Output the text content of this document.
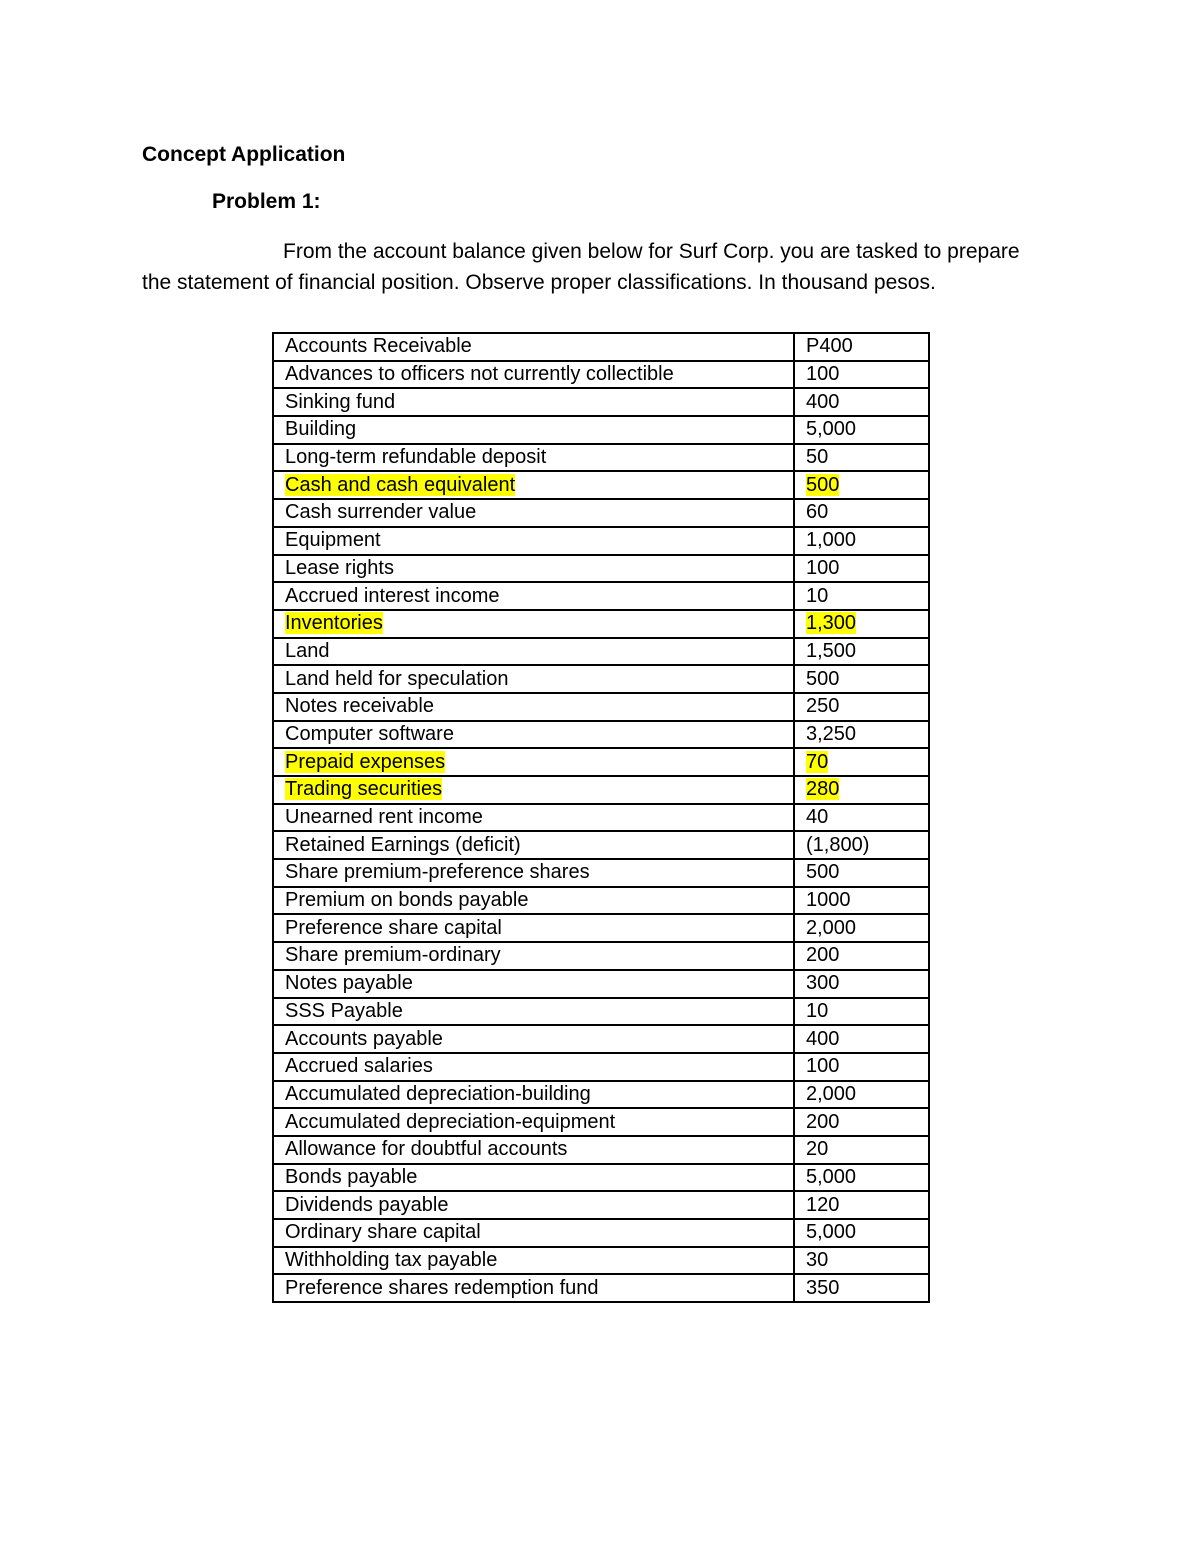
Concept Application
Problem 1:
From the account balance given below for Surf Corp. you are tasked to prepare the statement of financial position. Observe proper classifications. In thousand pesos.
Accounts Receivable	P400
Advances to officers not currently collectible	100
Sinking fund	400
Building	5,000
Long-term refundable deposit	50
Cash and cash equivalent	500
Cash surrender value	60
Equipment	1,000
Lease rights	100
Accrued interest income	10
Inventories	1,300
Land	1,500
Land held for speculation	500
Notes receivable	250
Computer software	3,250
Prepaid expenses	70
Trading securities	280
Unearned rent income	40
Retained Earnings (deficit)	(1,800)
Share premium-preference shares	500
Premium on bonds payable	1000
Preference share capital	2,000
Share premium-ordinary	200
Notes payable	300
SSS Payable	10
Accounts payable	400
Accrued salaries	100
Accumulated depreciation-building	2,000
Accumulated depreciation-equipment	200
Allowance for doubtful accounts	20
Bonds payable	5,000
Dividends payable	120
Ordinary share capital	5,000
Withholding tax payable	30
Preference shares redemption fund	350
